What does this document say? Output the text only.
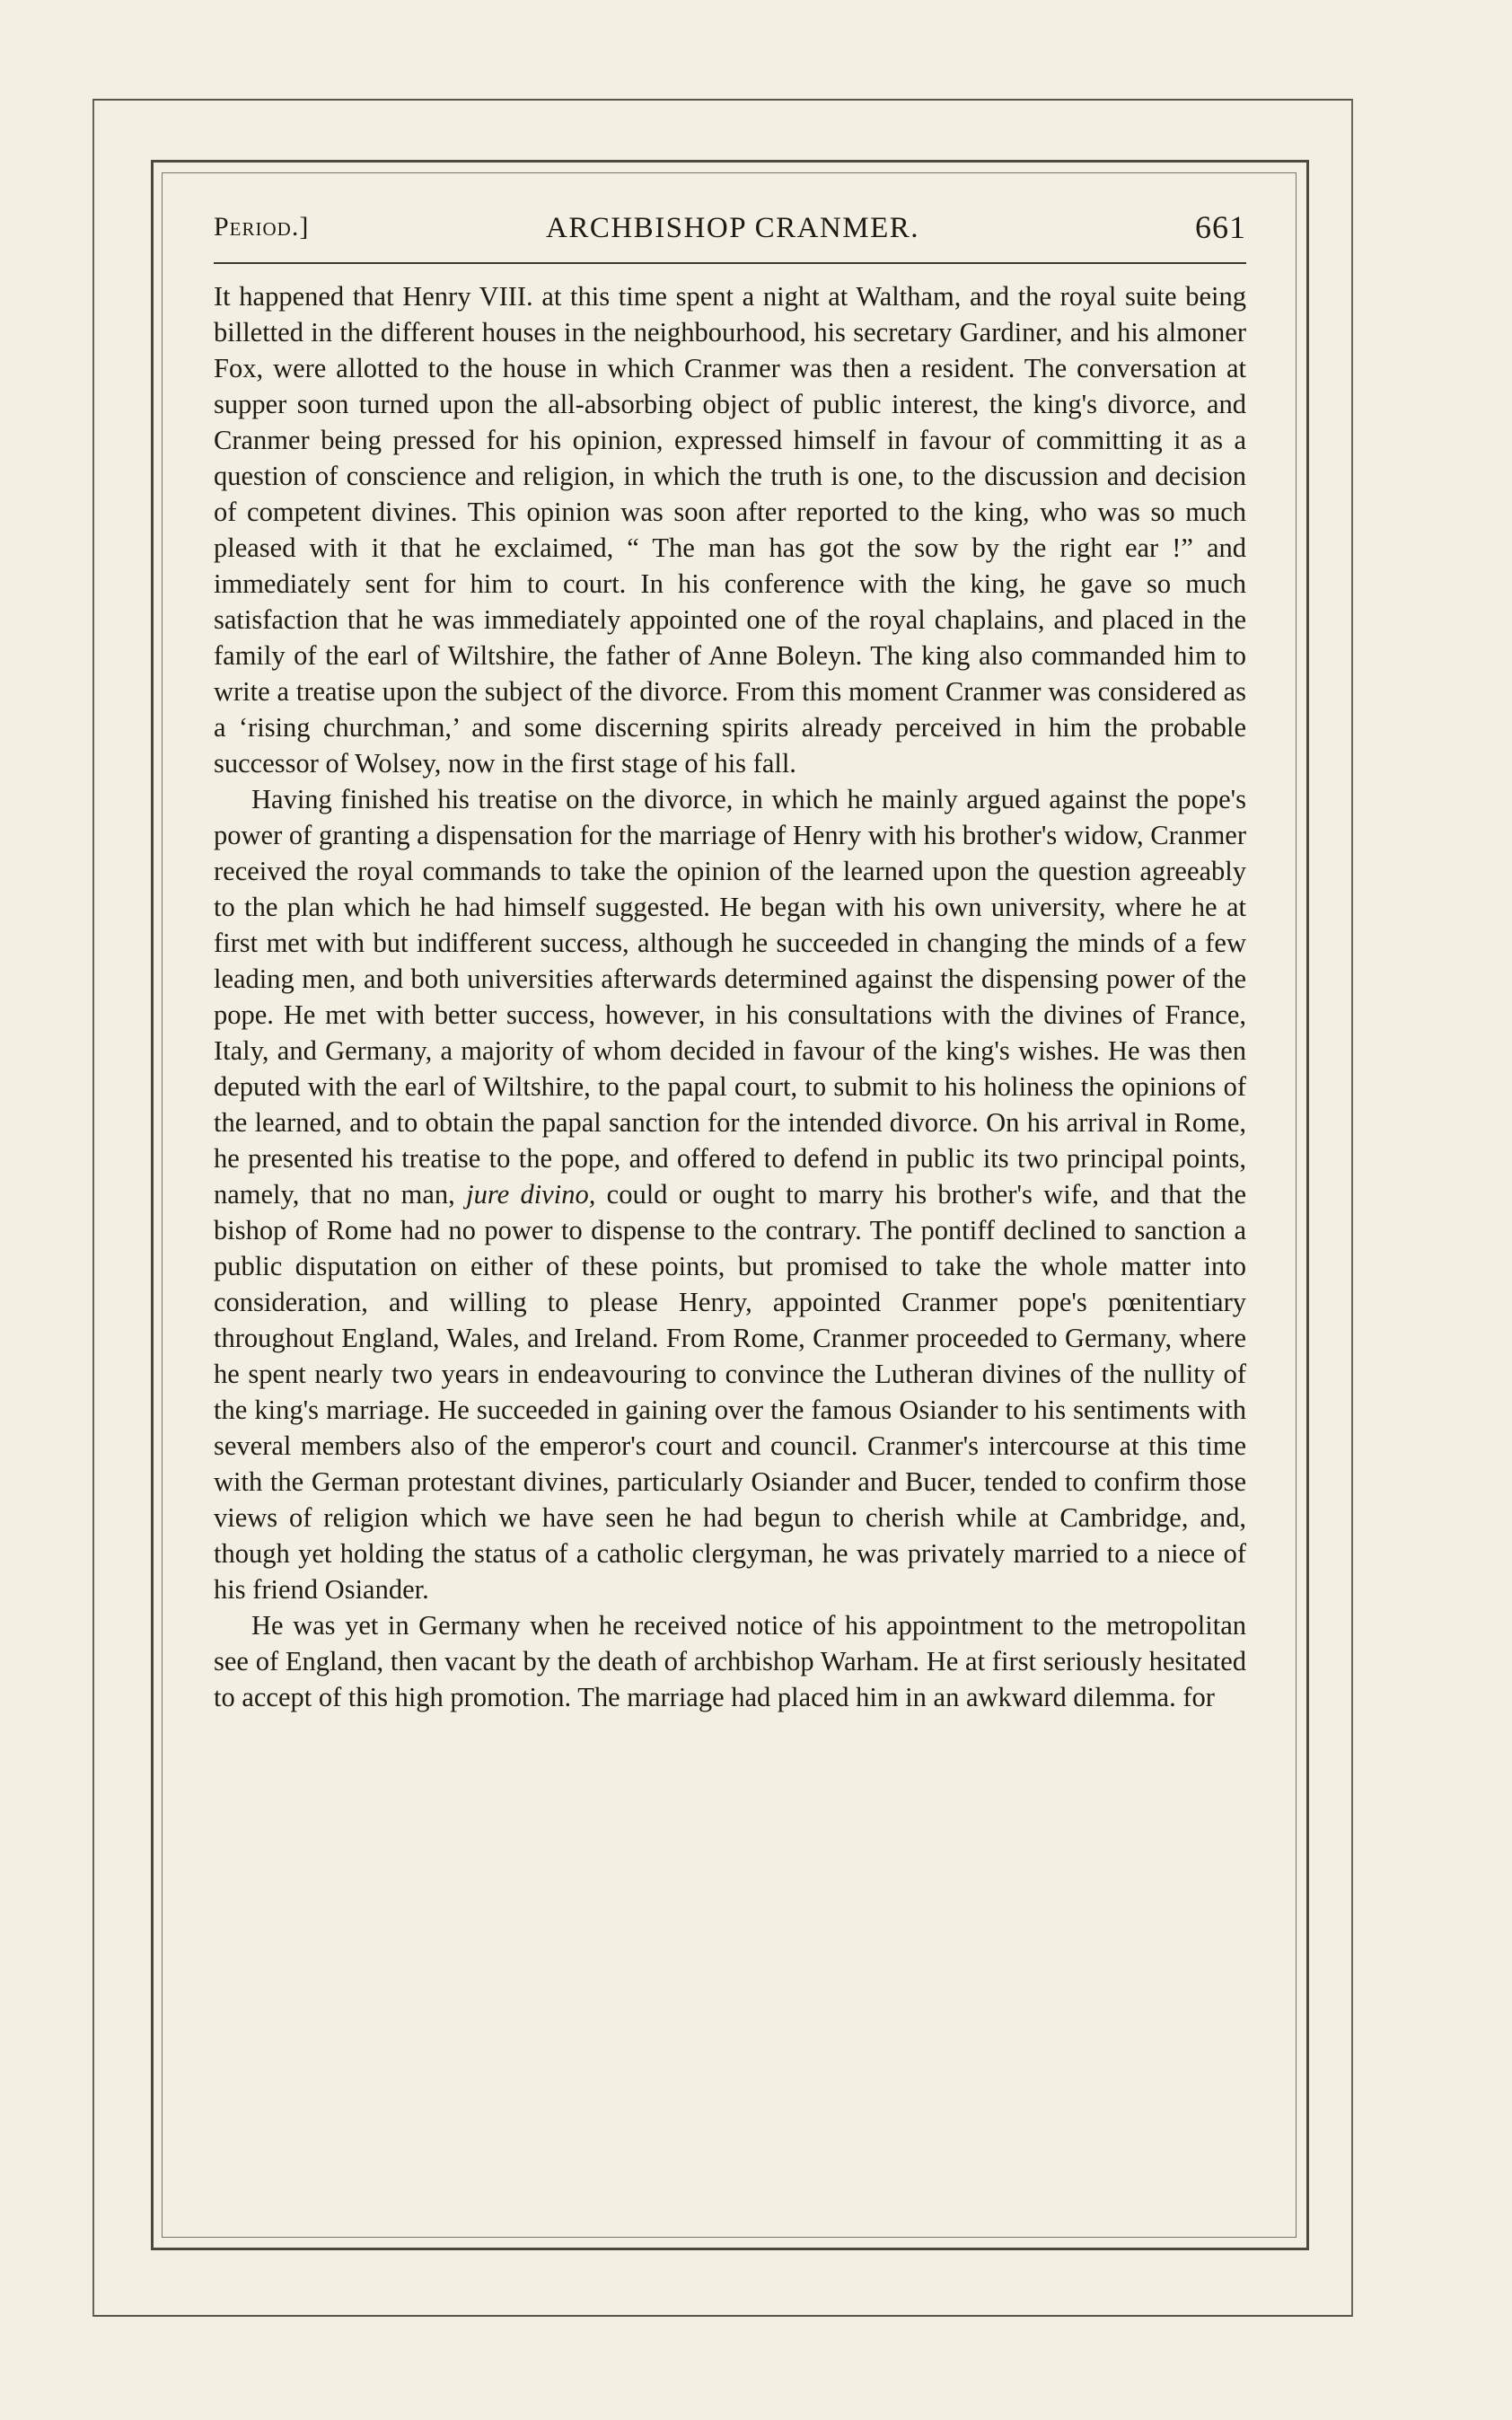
Period.]	ARCHBISHOP CRANMER.	661

It happened that Henry VIII. at this time spent a night at Waltham, and the royal suite being billetted in the different houses in the neighbourhood, his secretary Gardiner, and his almoner Fox, were allotted to the house in which Cranmer was then a resident. The conversation at supper soon turned upon the all-absorbing object of public interest, the king's divorce, and Cranmer being pressed for his opinion, expressed himself in favour of committing it as a question of conscience and religion, in which the truth is one, to the discussion and decision of competent divines. This opinion was soon after reported to the king, who was so much pleased with it that he exclaimed, “ The man has got the sow by the right ear !” and immediately sent for him to court. In his conference with the king, he gave so much satisfaction that he was immediately appointed one of the royal chaplains, and placed in the family of the earl of Wiltshire, the father of Anne Boleyn. The king also commanded him to write a treatise upon the subject of the divorce. From this moment Cranmer was considered as a ‘rising churchman,’ and some discerning spirits already perceived in him the probable successor of Wolsey, now in the first stage of his fall.

Having finished his treatise on the divorce, in which he mainly argued against the pope's power of granting a dispensation for the marriage of Henry with his brother's widow, Cranmer received the royal commands to take the opinion of the learned upon the question agreeably to the plan which he had himself suggested. He began with his own university, where he at first met with but indifferent success, although he succeeded in changing the minds of a few leading men, and both universities afterwards determined against the dispensing power of the pope. He met with better success, however, in his consultations with the divines of France, Italy, and Germany, a majority of whom decided in favour of the king's wishes. He was then deputed with the earl of Wiltshire, to the papal court, to submit to his holiness the opinions of the learned, and to obtain the papal sanction for the intended divorce. On his arrival in Rome, he presented his treatise to the pope, and offered to defend in public its two principal points, namely, that no man, jure divino, could or ought to marry his brother's wife, and that the bishop of Rome had no power to dispense to the contrary. The pontiff declined to sanction a public disputation on either of these points, but promised to take the whole matter into consideration, and willing to please Henry, appointed Cranmer pope's pœnitentiary throughout England, Wales, and Ireland. From Rome, Cranmer proceeded to Germany, where he spent nearly two years in endeavouring to convince the Lutheran divines of the nullity of the king's marriage. He succeeded in gaining over the famous Osiander to his sentiments with several members also of the emperor's court and council. Cranmer's intercourse at this time with the German protestant divines, particularly Osiander and Bucer, tended to confirm those views of religion which we have seen he had begun to cherish while at Cambridge, and, though yet holding the status of a catholic clergyman, he was privately married to a niece of his friend Osiander.

He was yet in Germany when he received notice of his appointment to the metropolitan see of England, then vacant by the death of archbishop Warham. He at first seriously hesitated to accept of this high promotion. The marriage had placed him in an awkward dilemma. for
